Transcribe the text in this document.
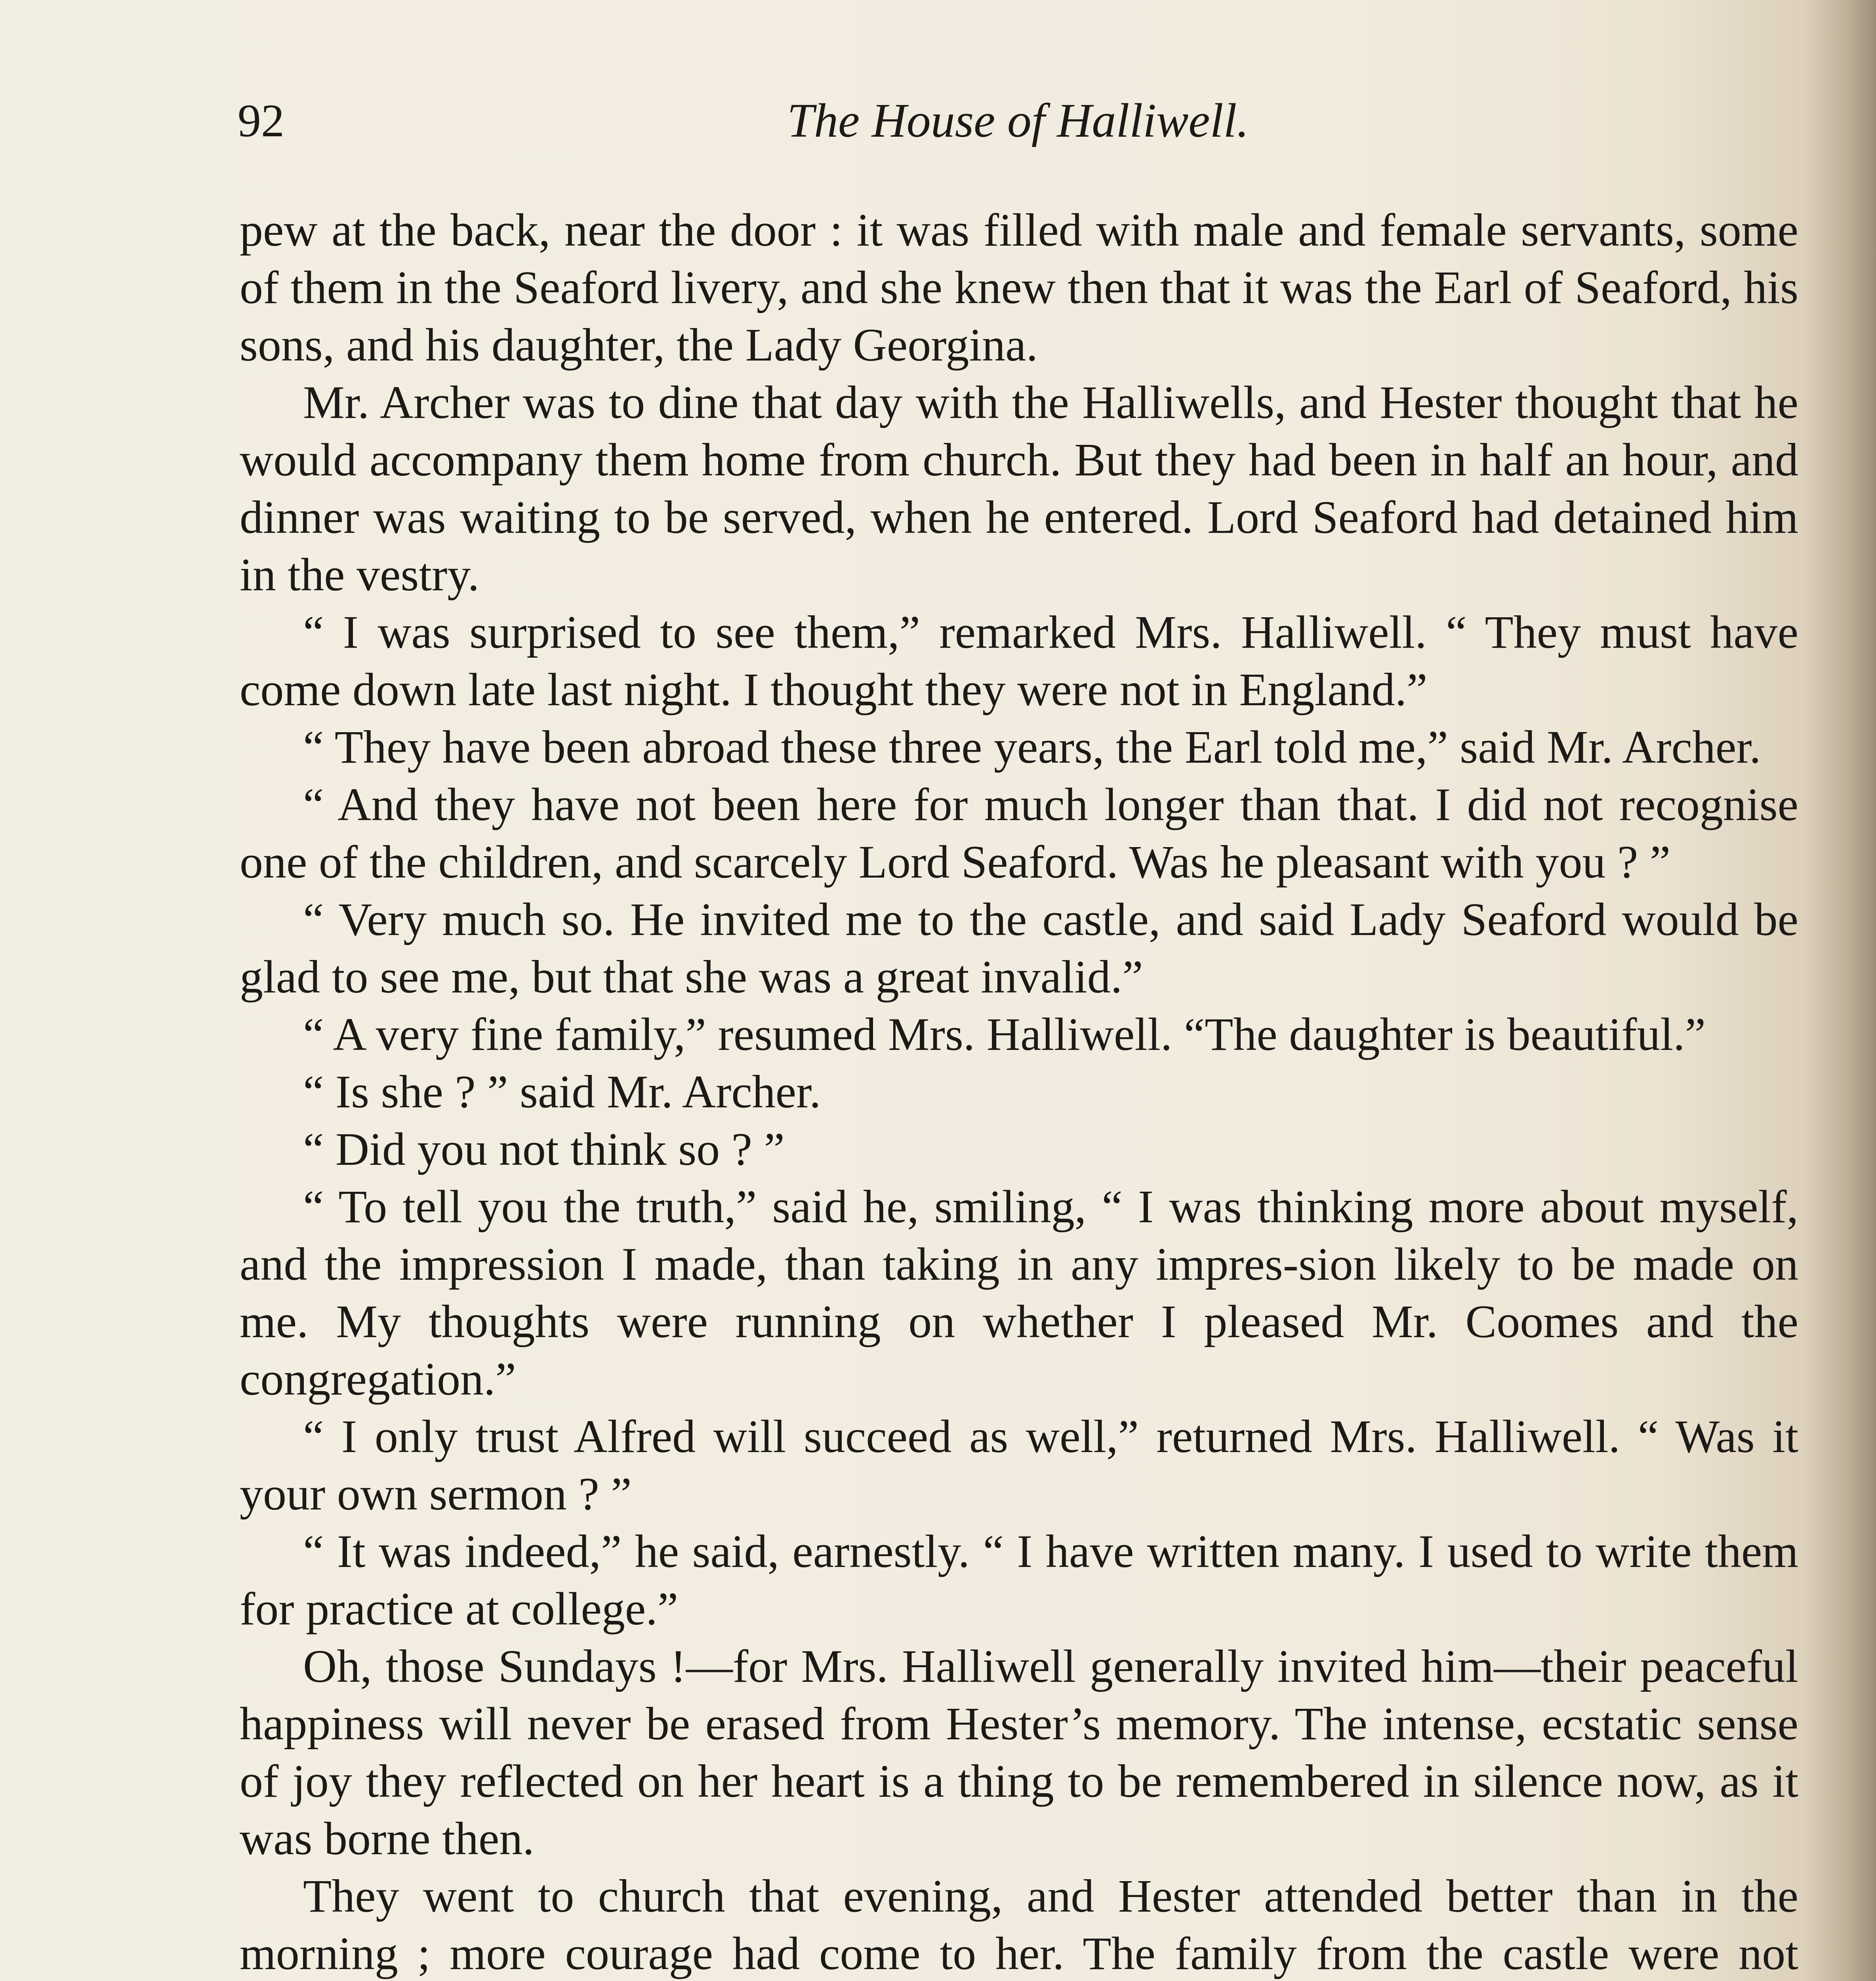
92	The House of Halliwell.

pew at the back, near the door : it was filled with male and female servants, some of them in the Seaford livery, and she knew then that it was the Earl of Seaford, his sons, and his daughter, the Lady Georgina.

Mr. Archer was to dine that day with the Halliwells, and Hester thought that he would accompany them home from church. But they had been in half an hour, and dinner was waiting to be served, when he entered. Lord Seaford had detained him in the vestry.

“ I was surprised to see them,” remarked Mrs. Halliwell. “ They must have come down late last night. I thought they were not in England.”

“ They have been abroad these three years, the Earl told me,” said Mr. Archer.

“ And they have not been here for much longer than that. I did not recognise one of the children, and scarcely Lord Seaford. Was he pleasant with you ? ”

“ Very much so. He invited me to the castle, and said Lady Seaford would be glad to see me, but that she was a great invalid.”

“ A very fine family,” resumed Mrs. Halliwell. “The daughter is beautiful.”

“ Is she ? ” said Mr. Archer.

“ Did you not think so ? ”

“ To tell you the truth,” said he, smiling, “ I was thinking more about myself, and the impression I made, than taking in any impres-sion likely to be made on me. My thoughts were running on whether I pleased Mr. Coomes and the congregation.”

“ I only trust Alfred will succeed as well,” returned Mrs. Halliwell. “ Was it your own sermon ? ”

“ It was indeed,” he said, earnestly. “ I have written many. I used to write them for practice at college.”

Oh, those Sundays !—for Mrs. Halliwell generally invited him—their peaceful happiness will never be erased from Hester’s memory. The intense, ecstatic sense of joy they reflected on her heart is a thing to be remembered in silence now, as it was borne then.

They went to church that evening, and Hester attended better than in the morning ; more courage had come to her. The family from the castle were not
